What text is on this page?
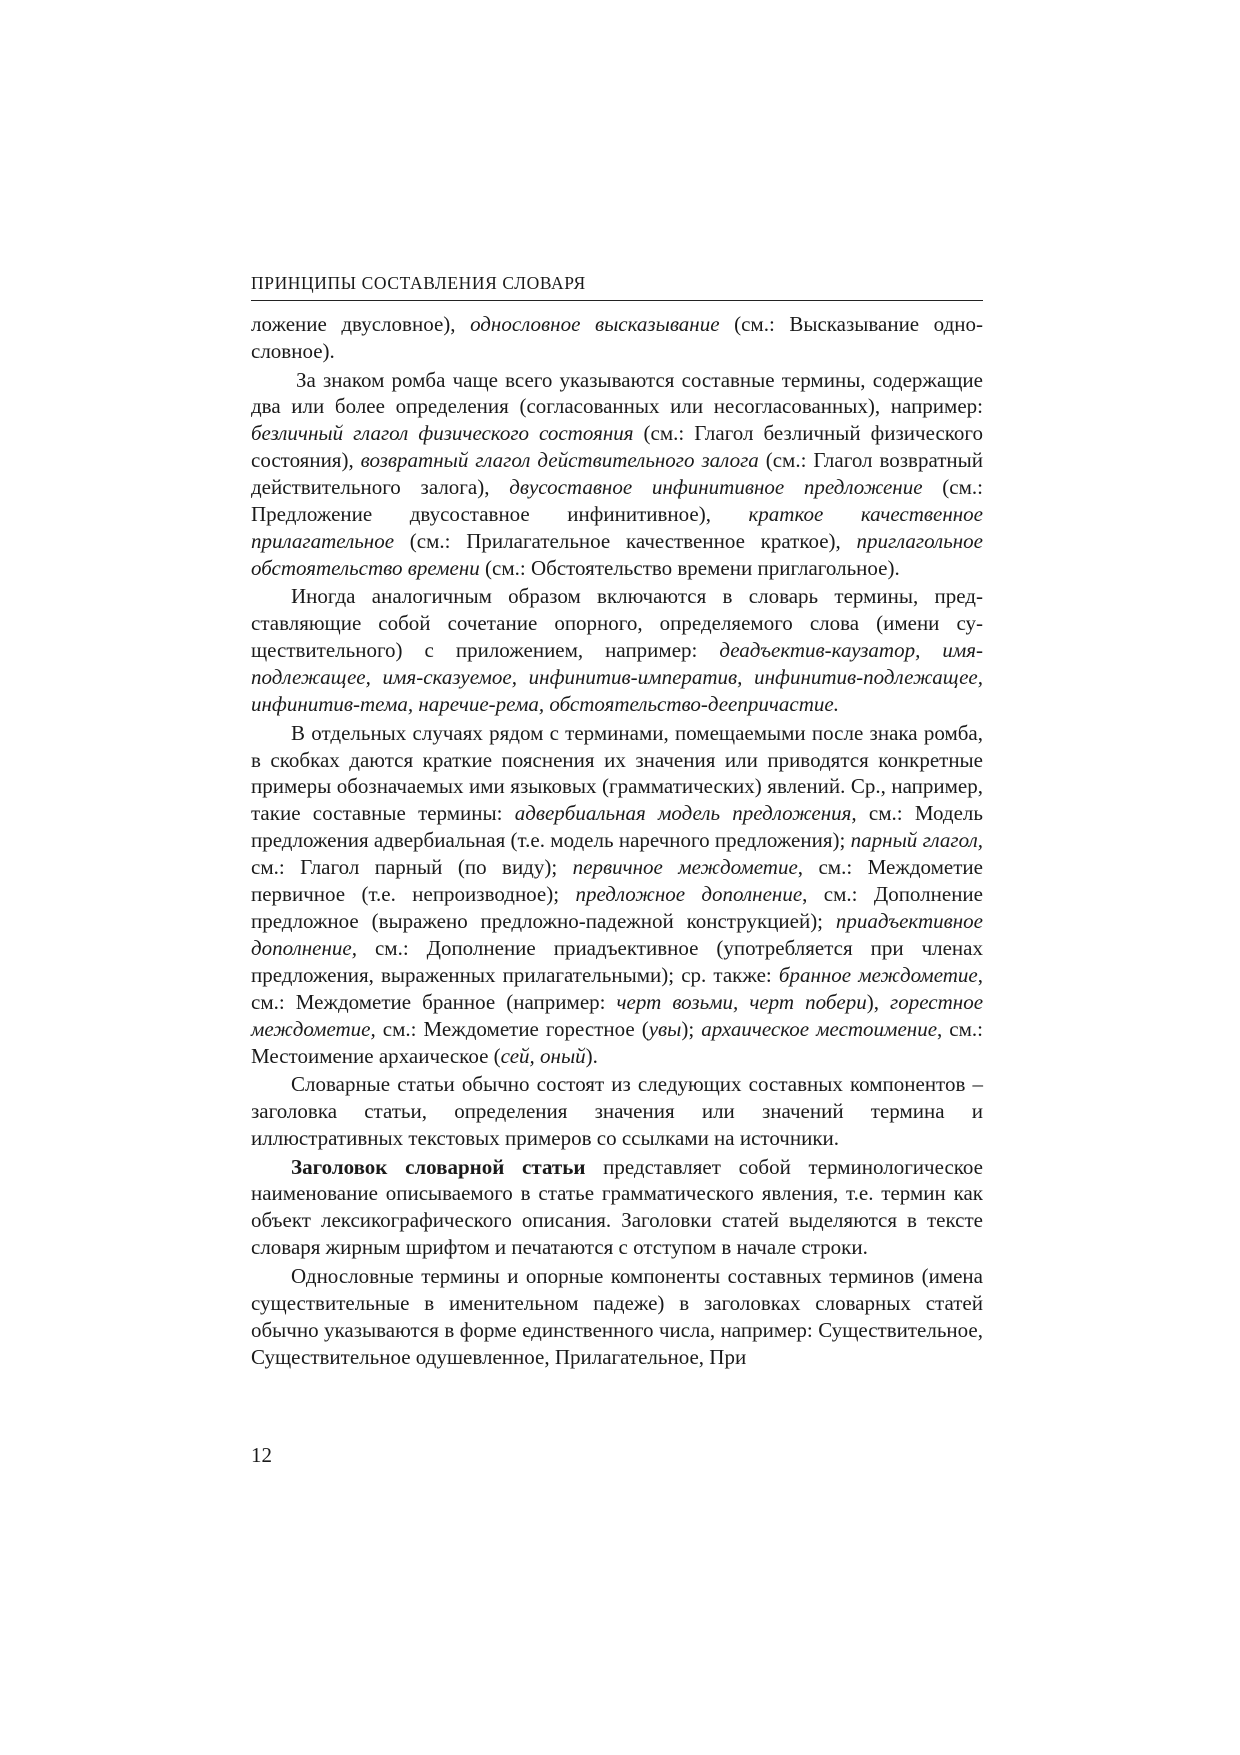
ПРИНЦИПЫ СОСТАВЛЕНИЯ СЛОВАРЯ

ложение двусловное), однословное высказывание (см.: Высказывание однословное).

За знаком ромба чаще всего указываются составные термины, содержащие два или более определения (согласованных или несогласованных), например: безличный глагол физического состояния (см.: Глагол безличный физического состояния), возвратный глагол действительного залога (см.: Глагол возвратный действительного залога), двусоставное инфинитивное предложение (см.: Предложение двусоставное инфинитивное), краткое качественное прилагательное (см.: Прилагательное качественное краткое), приглагольное обстоятельство времени (см.: Обстоятельство времени приглагольное).

Иногда аналогичным образом включаются в словарь термины, представляющие собой сочетание опорного, определяемого слова (имени существительного) с приложением, например: деадъектив-каузатор, имя-подлежащее, имя-сказуемое, инфинитив-императив, инфинитив-подлежащее, инфинитив-тема, наречие-рема, обстоятельство-деепричастие.

В отдельных случаях рядом с терминами, помещаемыми после знака ромба, в скобках даются краткие пояснения их значения или приводятся конкретные примеры обозначаемых ими языковых (грамматических) явлений. Ср., например, такие составные термины: адвербиальная модель предложения, см.: Модель предложения адвербиальная (т.е. модель наречного предложения); парный глагол, см.: Глагол парный (по виду); первичное междометие, см.: Междометие первичное (т.е. непроизводное); предложное дополнение, см.: Дополнение предложное (выражено предложно-падежной конструкцией); приадъективное дополнение, см.: Дополнение приадъективное (употребляется при членах предложения, выраженных прилагательными); ср. также: бранное междометие, см.: Междометие бранное (например: черт возьми, черт побери), горестное междометие, см.: Междометие горестное (увы); архаическое местоимение, см.: Местоимение архаическое (сей, оный).

Словарные статьи обычно состоят из следующих составных компонентов – заголовка статьи, определения значения или значений термина и иллюстративных текстовых примеров со ссылками на источники.

Заголовок словарной статьи представляет собой терминологическое наименование описываемого в статье грамматического явления, т.е. термин как объект лексикографического описания. Заголовки статей выделяются в тексте словаря жирным шрифтом и печатаются с отступом в начале строки.

Однословные термины и опорные компоненты составных терминов (имена существительные в именительном падеже) в заголовках словарных статей обычно указываются в форме единственного числа, например: Существительное, Существительное одушевленное, Прилагательное, При

12
